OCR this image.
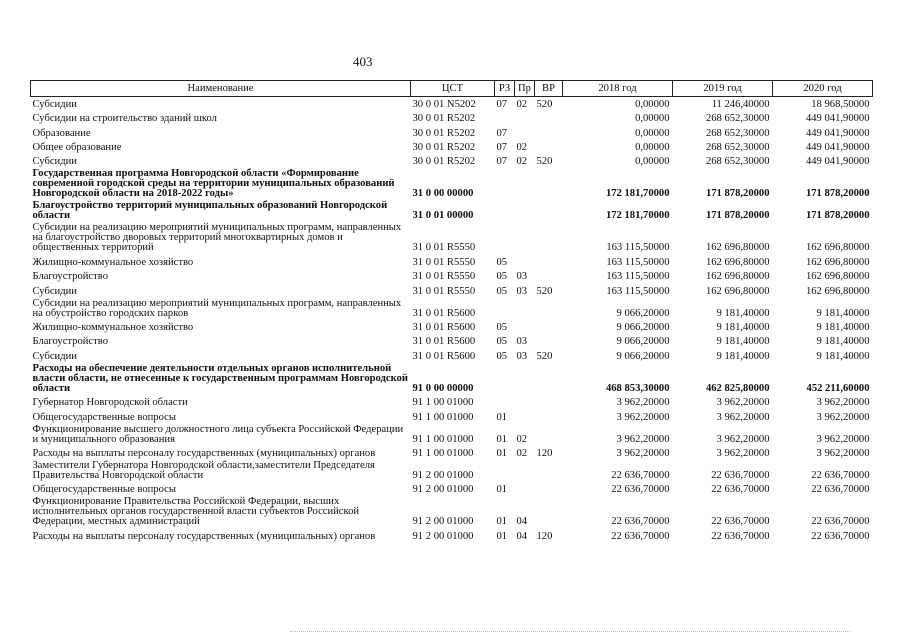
403
Наименование	ЦСТ	РЗ	Пр	ВР	2018 год	2019 год	2020 год
Субсидии	30 0 01 N5202	07	02	520	0,00000	11 246,40000	18 968,50000
Субсидии на строительство зданий школ	30 0 01 R5202				0,00000	268 652,30000	449 041,90000
Образование	30 0 01 R5202	07			0,00000	268 652,30000	449 041,90000
Общее образование	30 0 01 R5202	07	02		0,00000	268 652,30000	449 041,90000
Субсидии	30 0 01 R5202	07	02	520	0,00000	268 652,30000	449 041,90000
Государственная программа Новгородской области «Формирование современной городской среды на территории муниципальных образований Новгородской области на 2018-2022 годы»	31 0 00 00000				172 181,70000	171 878,20000	171 878,20000
Благоустройство территорий муниципальных образований Новгородской области	31 0 01 00000				172 181,70000	171 878,20000	171 878,20000
Субсидии на реализацию мероприятий муниципальных программ, направленных на благоустройство дворовых территорий многоквартирных домов и общественных территорий	31 0 01 R5550				163 115,50000	162 696,80000	162 696,80000
Жилищно-коммунальное хозяйство	31 0 01 R5550	05			163 115,50000	162 696,80000	162 696,80000
Благоустройство	31 0 01 R5550	05	03		163 115,50000	162 696,80000	162 696,80000
Субсидии	31 0 01 R5550	05	03	520	163 115,50000	162 696,80000	162 696,80000
Субсидии на реализацию мероприятий муниципальных программ, направленных на обустройство городских парков	31 0 01 R5600				9 066,20000	9 181,40000	9 181,40000
Жилищно-коммунальное хозяйство	31 0 01 R5600	05			9 066,20000	9 181,40000	9 181,40000
Благоустройство	31 0 01 R5600	05	03		9 066,20000	9 181,40000	9 181,40000
Субсидии	31 0 01 R5600	05	03	520	9 066,20000	9 181,40000	9 181,40000
Расходы на обеспечение деятельности отдельных органов исполнительной власти области, не отнесенные к государственным программам Новгородской области	91 0 00 00000				468 853,30000	462 825,80000	452 211,60000
Губернатор Новгородской области	91 1 00 01000				3 962,20000	3 962,20000	3 962,20000
Общегосударственные вопросы	91 1 00 01000	01			3 962,20000	3 962,20000	3 962,20000
Функционирование высшего должностного лица субъекта Российской Федерации и муниципального образования	91 1 00 01000	01	02		3 962,20000	3 962,20000	3 962,20000
Расходы на выплаты персоналу государственных (муниципальных) органов	91 1 00 01000	01	02	120	3 962,20000	3 962,20000	3 962,20000
Заместители Губернатора Новгородской области,заместители Председателя Правительства Новгородской области	91 2 00 01000				22 636,70000	22 636,70000	22 636,70000
Общегосударственные вопросы	91 2 00 01000	01			22 636,70000	22 636,70000	22 636,70000
Функционирование Правительства Российской Федерации, высших исполнительных органов государственной власти субъектов Российской Федерации, местных администраций	91 2 00 01000	01	04		22 636,70000	22 636,70000	22 636,70000
Расходы на выплаты персоналу государственных (муниципальных) органов	91 2 00 01000	01	04	120	22 636,70000	22 636,70000	22 636,70000
